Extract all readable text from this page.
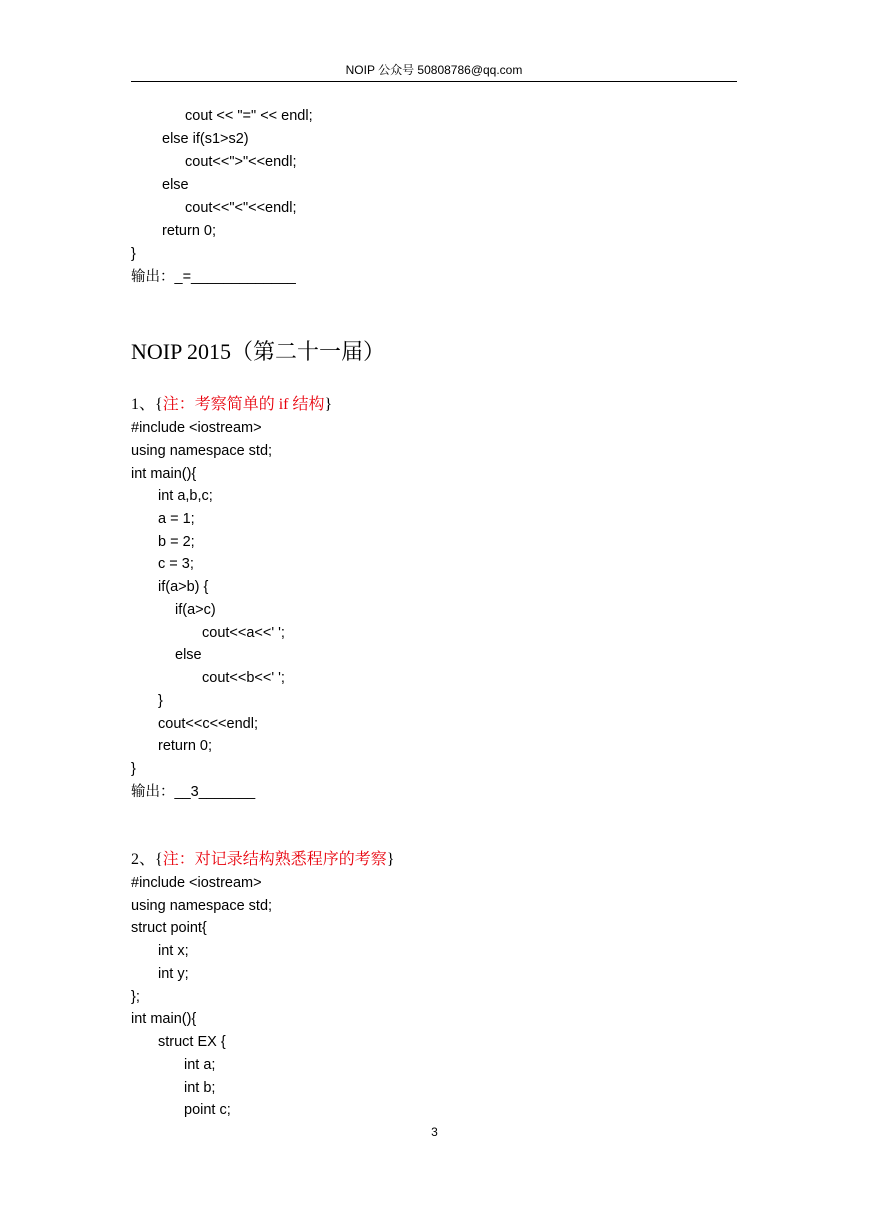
NOIP 公众号 50808786@qq.com
cout << "=" << endl;
else if(s1>s2)
cout<<">"<<endl;
else
cout<<"<"<<endl;
return 0;
}
输出：_=_____________
NOIP 2015（第二十一届）
1、{注：考察简单的 if 结构}
#include <iostream>
using namespace std;
int main(){
int a,b,c;
a = 1;
b = 2;
c = 3;
if(a>b) {
if(a>c)
cout<<a<<' ';
else
cout<<b<<' ';
}
cout<<c<<endl;
return 0;
}
输出：__3_______
2、{注：对记录结构熟悉程序的考察}
#include <iostream>
using namespace std;
struct point{
int x;
int y;
};
int main(){
struct EX {
int a;
int b;
point c;
3
